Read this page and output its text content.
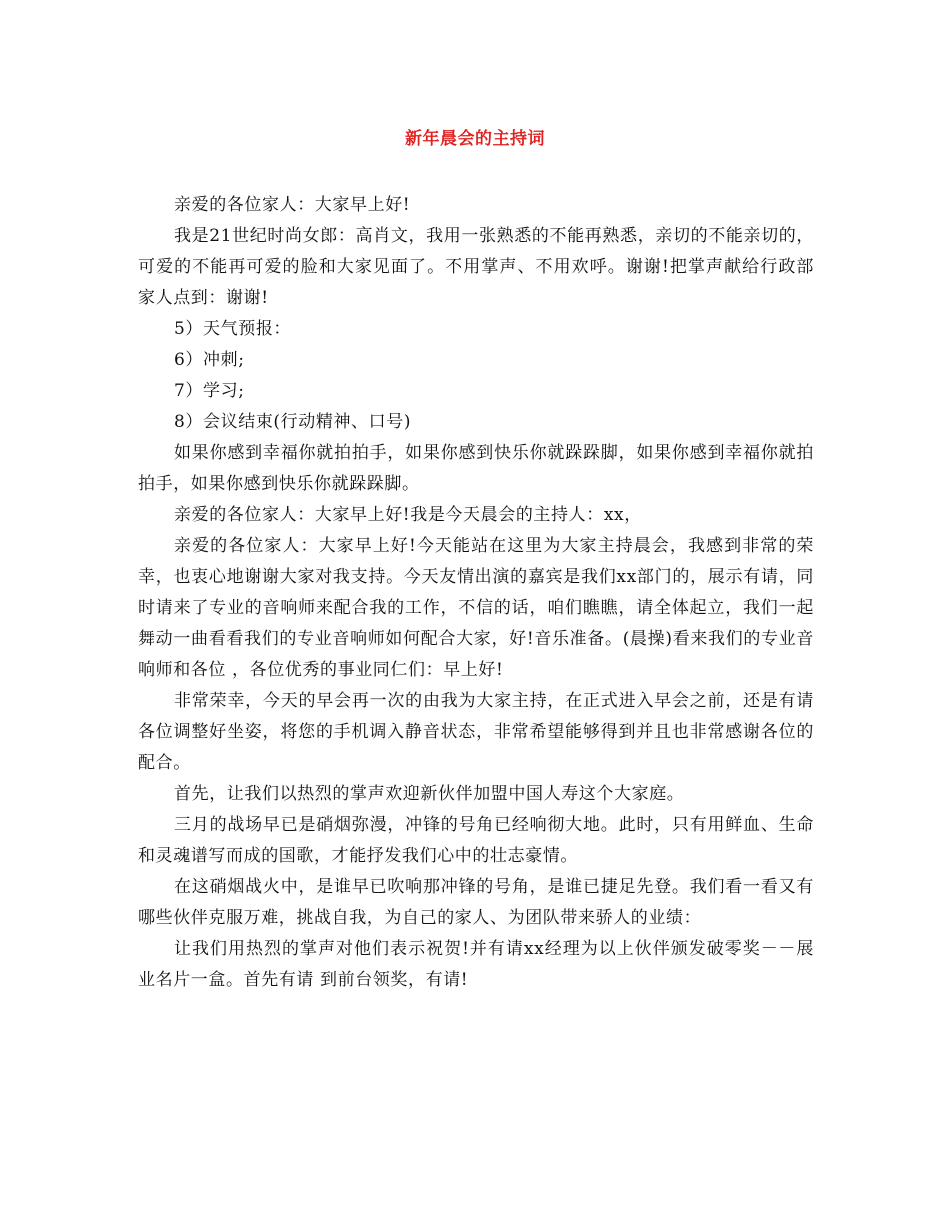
新年晨会的主持词

亲爱的各位家人：大家早上好!

我是21世纪时尚女郎：高肖文，我用一张熟悉的不能再熟悉，亲切的不能亲切的，可爱的不能再可爱的脸和大家见面了。不用掌声、不用欢呼。谢谢!把掌声献给行政部家人点到：谢谢!

5）天气预报：

6）冲刺;

7）学习;

8）会议结束(行动精神、口号)

如果你感到幸福你就拍拍手，如果你感到快乐你就跺跺脚，如果你感到幸福你就拍拍手，如果你感到快乐你就跺跺脚。

亲爱的各位家人：大家早上好!我是今天晨会的主持人：xx，

亲爱的各位家人：大家早上好!今天能站在这里为大家主持晨会，我感到非常的荣幸，也衷心地谢谢大家对我支持。今天友情出演的嘉宾是我们xx部门的，展示有请，同时请来了专业的音响师来配合我的工作，不信的话，咱们瞧瞧，请全体起立，我们一起舞动一曲看看我们的专业音响师如何配合大家，好!音乐准备。(晨操)看来我们的专业音响师和各位 ，各位优秀的事业同仁们：早上好!

非常荣幸，今天的早会再一次的由我为大家主持，在正式进入早会之前，还是有请各位调整好坐姿，将您的手机调入静音状态，非常希望能够得到并且也非常感谢各位的配合。

首先，让我们以热烈的掌声欢迎新伙伴加盟中国人寿这个大家庭。

三月的战场早已是硝烟弥漫，冲锋的号角已经响彻大地。此时，只有用鲜血、生命和灵魂谱写而成的国歌，才能抒发我们心中的壮志豪情。

在这硝烟战火中，是谁早已吹响那冲锋的号角，是谁已捷足先登。我们看一看又有哪些伙伴克服万难，挑战自我，为自己的家人、为团队带来骄人的业绩：

让我们用热烈的掌声对他们表示祝贺!并有请xx经理为以上伙伴颁发破零奖－－展业名片一盒。首先有请 到前台领奖，有请!
